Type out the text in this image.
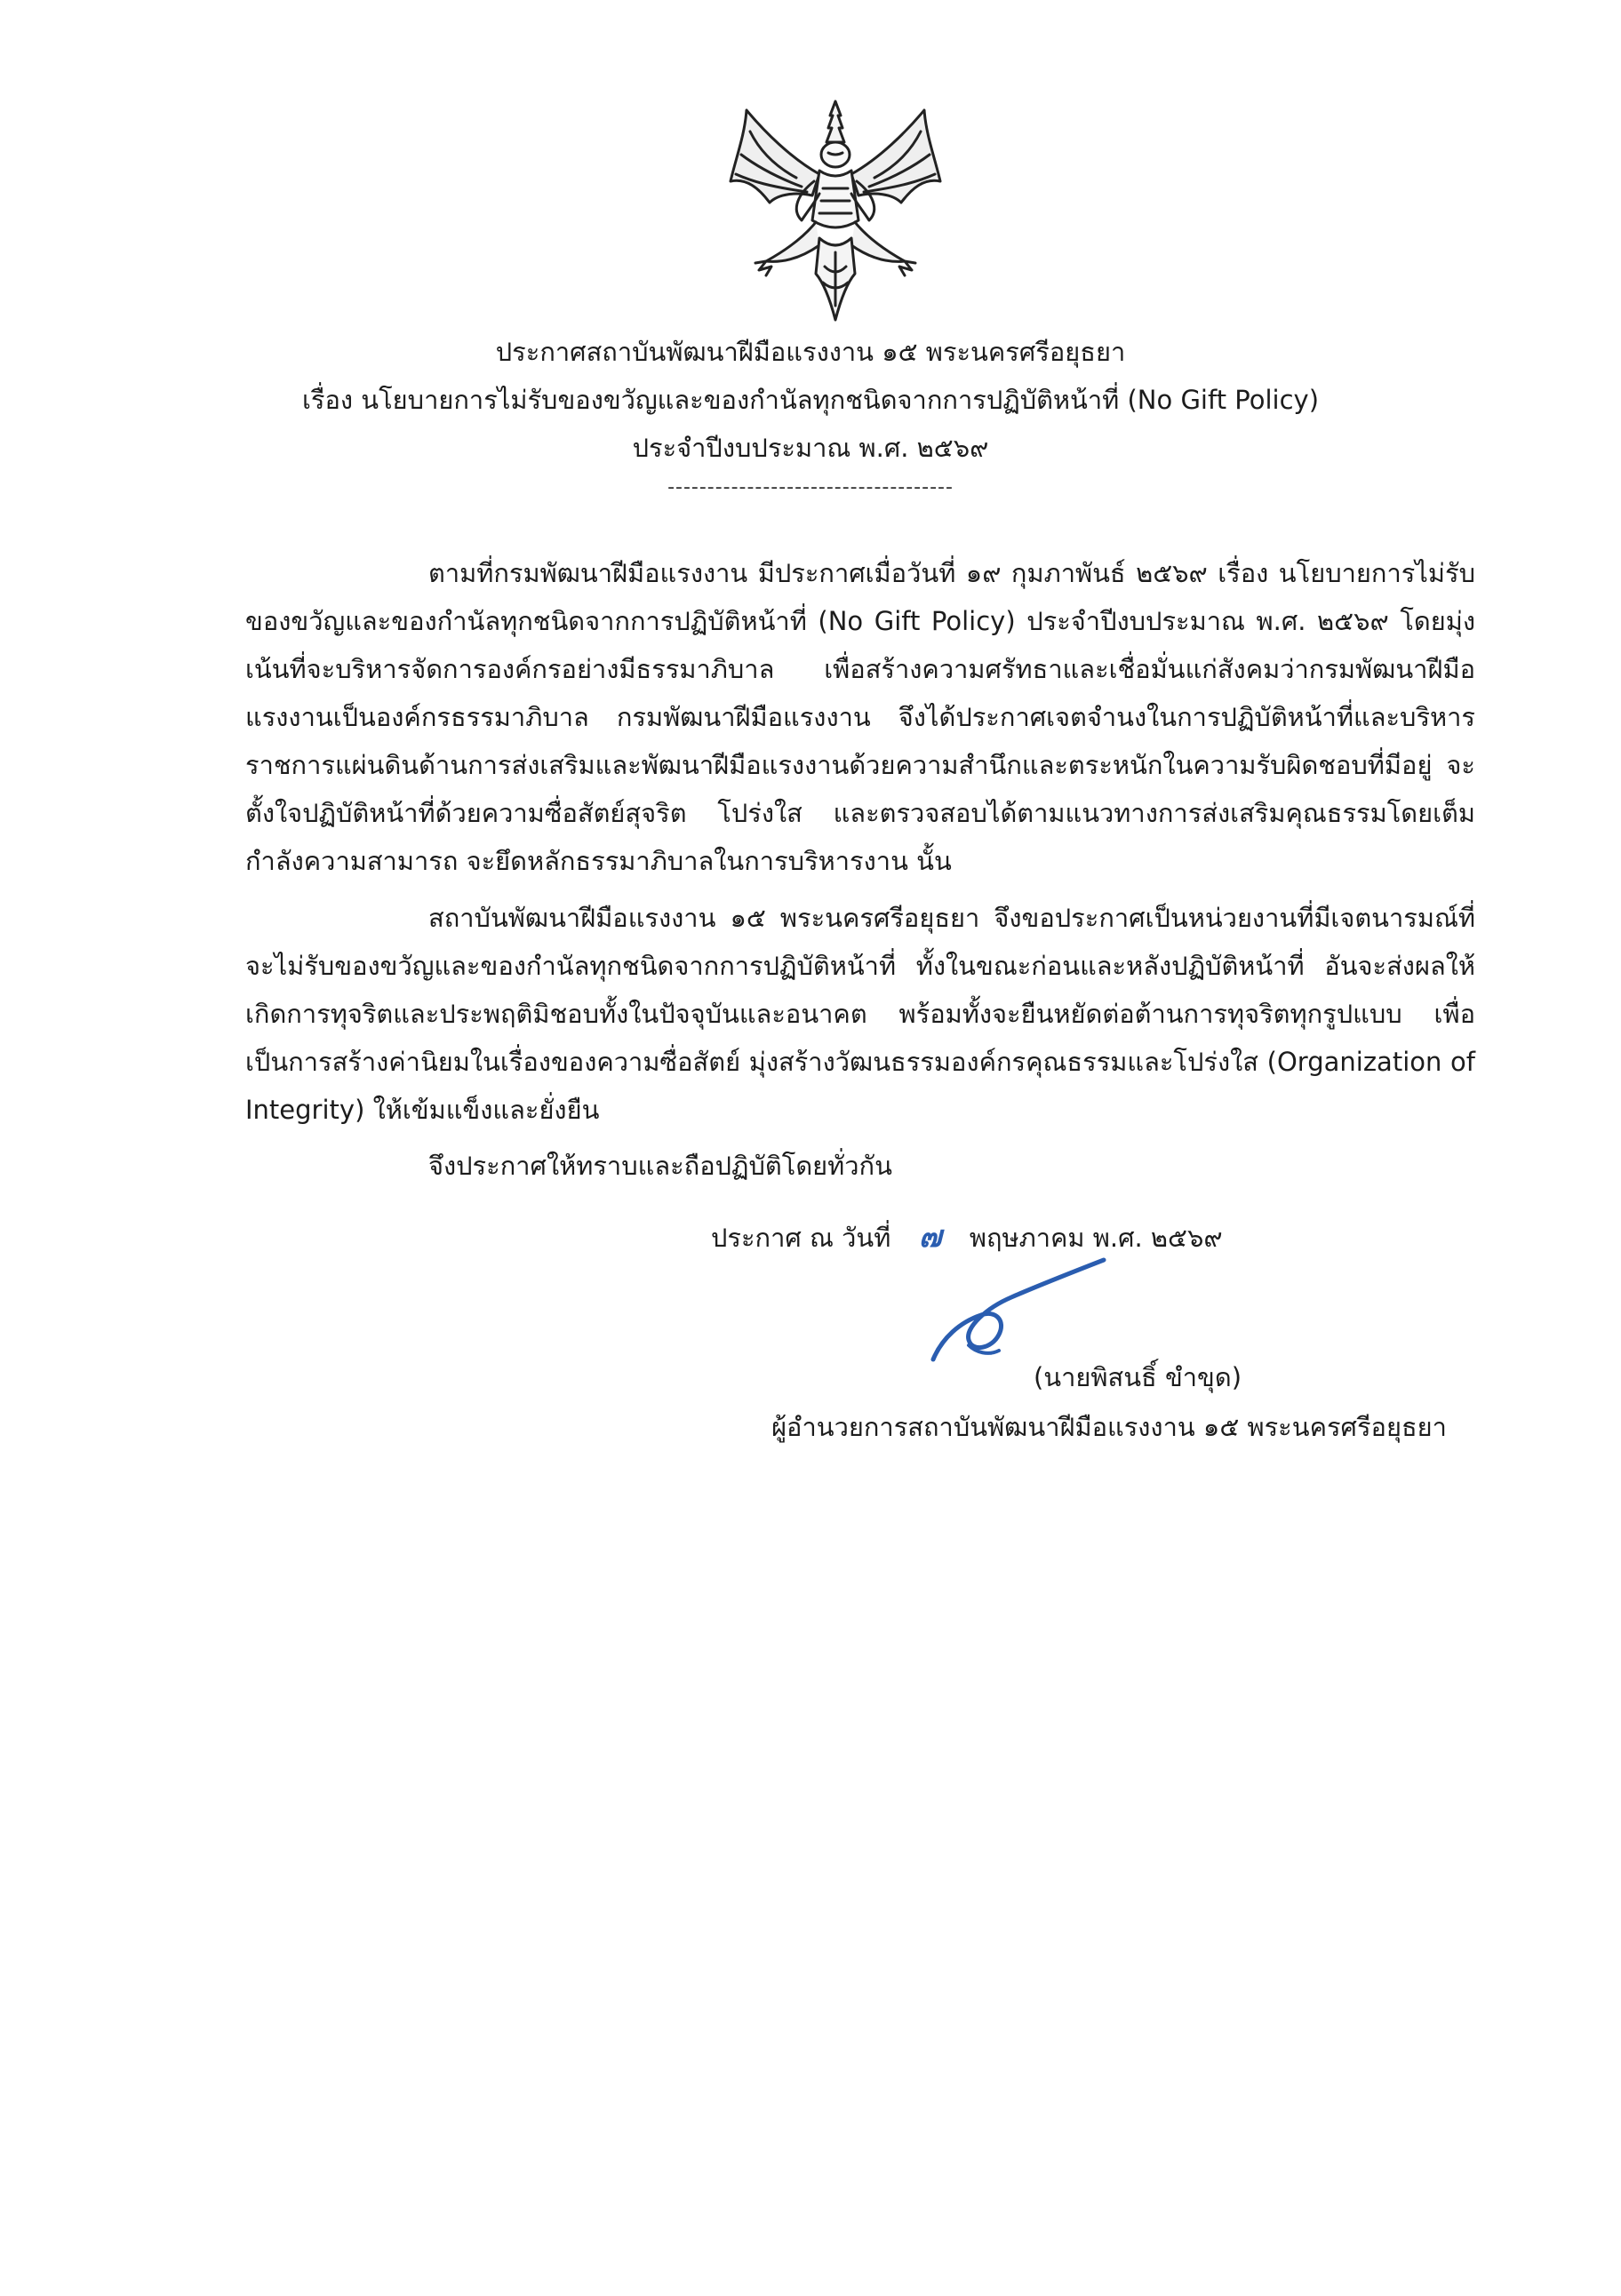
ประกาศสถาบันพัฒนาฝีมือแรงงาน ๑๕ พระนครศรีอยุธยา
เรื่อง นโยบายการไม่รับของขวัญและของกำนัลทุกชนิดจากการปฏิบัติหน้าที่ (No Gift Policy)
ประจำปีงบประมาณ พ.ศ. ๒๕๖๙
------------------------------------
ตามที่กรมพัฒนาฝีมือแรงงาน มีประกาศเมื่อวันที่ ๑๙ กุมภาพันธ์ ๒๕๖๙ เรื่อง นโยบายการไม่รับของขวัญและของกำนัลทุกชนิดจากการปฏิบัติหน้าที่ (No Gift Policy) ประจำปีงบประมาณ พ.ศ. ๒๕๖๙ โดยมุ่งเน้นที่จะบริหารจัดการองค์กรอย่างมีธรรมาภิบาล เพื่อสร้างความศรัทธาและเชื่อมั่นแก่สังคมว่ากรมพัฒนาฝีมือแรงงานเป็นองค์กรธรรมาภิบาล กรมพัฒนาฝีมือแรงงาน จึงได้ประกาศเจตจำนงในการปฏิบัติหน้าที่และบริหารราชการแผ่นดินด้านการส่งเสริมและพัฒนาฝีมือแรงงานด้วยความสำนึกและตระหนักในความรับผิดชอบที่มีอยู่ จะตั้งใจปฏิบัติหน้าที่ด้วยความซื่อสัตย์สุจริต โปร่งใส และตรวจสอบได้ตามแนวทางการส่งเสริมคุณธรรมโดยเต็มกำลังความสามารถ จะยึดหลักธรรมาภิบาลในการบริหารงาน นั้น
สถาบันพัฒนาฝีมือแรงงาน ๑๕ พระนครศรีอยุธยา จึงขอประกาศเป็นหน่วยงานที่มีเจตนารมณ์ที่จะไม่รับของขวัญและของกำนัลทุกชนิดจากการปฏิบัติหน้าที่ ทั้งในขณะก่อนและหลังปฏิบัติหน้าที่ อันจะส่งผลให้เกิดการทุจริตและประพฤติมิชอบทั้งในปัจจุบันและอนาคต พร้อมทั้งจะยืนหยัดต่อต้านการทุจริตทุกรูปแบบ เพื่อเป็นการสร้างค่านิยมในเรื่องของความซื่อสัตย์ มุ่งสร้างวัฒนธรรมองค์กรคุณธรรมและโปร่งใส (Organization of Integrity) ให้เข้มแข็งและยั่งยืน
จึงประกาศให้ทราบและถือปฏิบัติโดยทั่วกัน
ประกาศ ณ วันที่ ๗ พฤษภาคม พ.ศ. ๒๕๖๙
(นายพิสนธิ์ ขำขุด)
ผู้อำนวยการสถาบันพัฒนาฝีมือแรงงาน ๑๕ พระนครศรีอยุธยา
